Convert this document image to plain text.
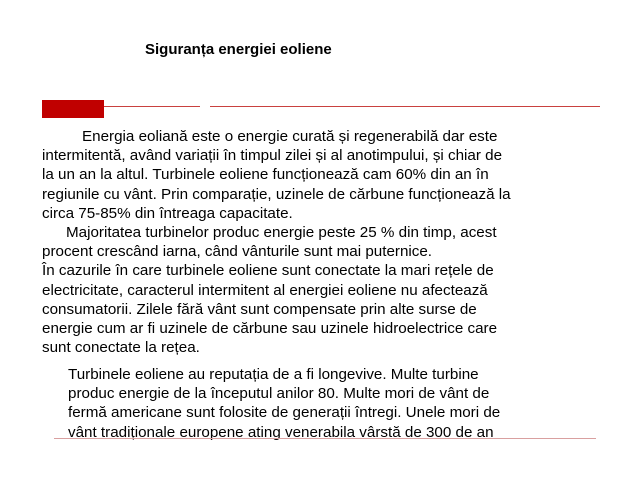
Siguranța energiei eoliene

Energia eoliană este o energie curată și regenerabilă dar este
intermitentă, având variații în timpul zilei și al anotimpului, și chiar de
la un an la altul. Turbinele eoliene funcționează cam 60% din an în
regiunile cu vânt. Prin comparație, uzinele de cărbune funcționează la
circa 75-85% din întreaga capacitate.

Majoritatea turbinelor produc energie peste 25 % din timp, acest
procent crescând iarna, când vânturile sunt mai puternice.

În cazurile în care turbinele eoliene sunt conectate la mari rețele de
electricitate, caracterul intermitent al energiei eoliene nu afectează
consumatorii. Zilele fără vânt sunt compensate prin alte surse de
energie cum ar fi uzinele de cărbune sau uzinele hidroelectrice care
sunt conectate la rețea.

Turbinele eoliene au reputația de a fi longevive. Multe turbine
produc energie de la începutul anilor 80. Multe mori de vânt de
fermă americane sunt folosite de generații întregi. Unele mori de
vânt tradiționale europene ating venerabila vârstă de 300 de an
